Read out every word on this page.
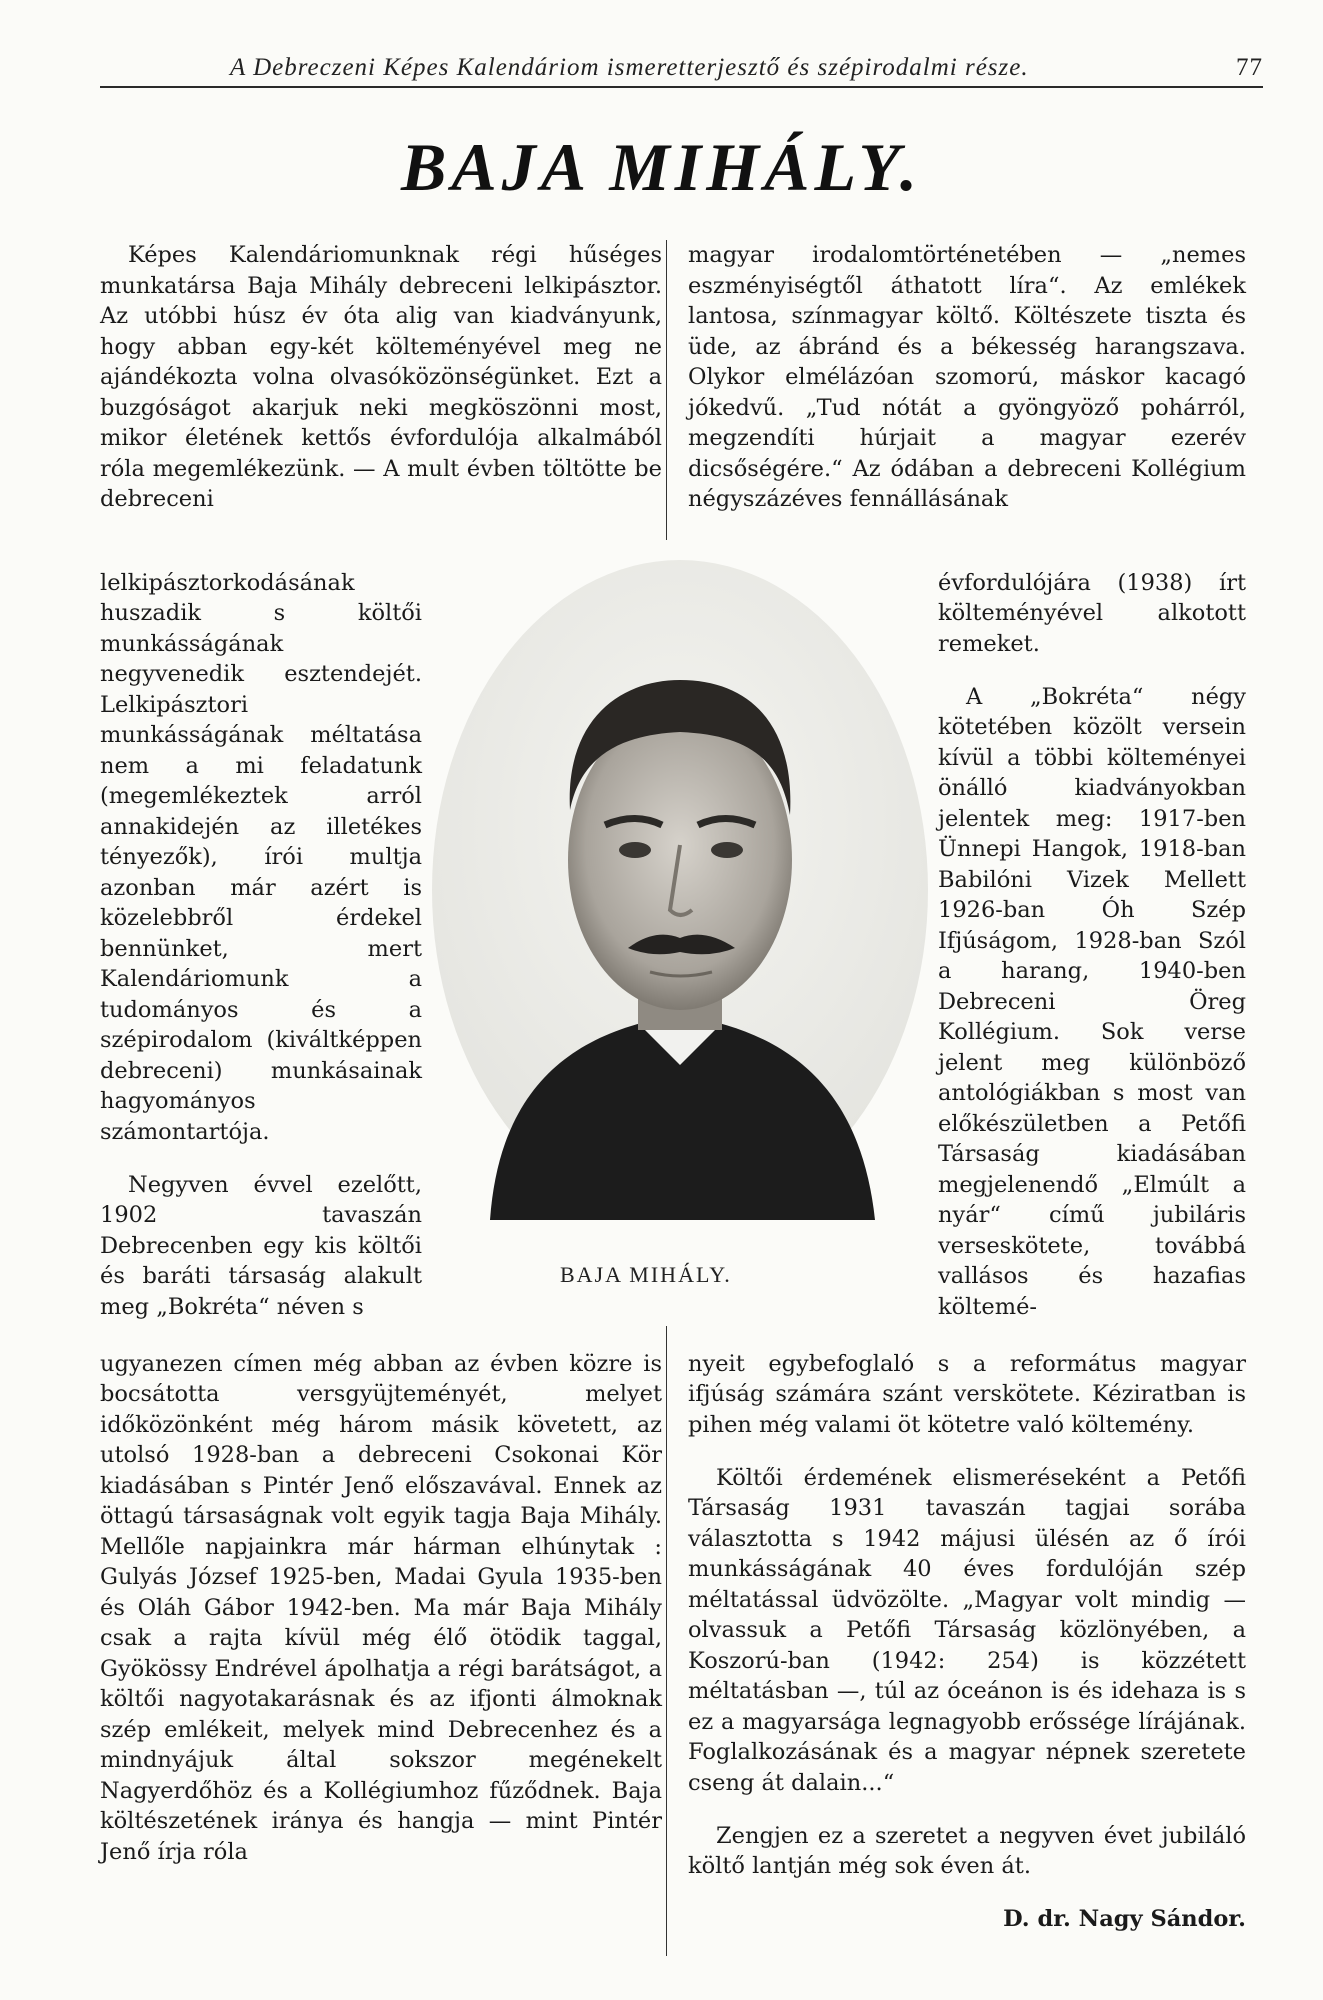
A Debreczeni Képes Kalendáriom ismeretterjesztő és szépirodalmi része.	77
BAJA MIHÁLY.

Képes Kalendáriomunknak régi hűséges munkatársa Baja Mihály debreceni lelkipásztor. Az utóbbi húsz év óta alig van kiadványunk, hogy abban egy-két költeményével meg ne ajándékozta volna olvasóközönségünket. Ezt a buzgóságot akarjuk neki megköszönni most, mikor életének kettős évfordulója alkalmából róla megemlékezünk. — A mult évben töltötte be debreceni

magyar irodalomtörténetében — „nemes eszményiségtől áthatott líra“. Az emlékek lantosa, színmagyar költő. Költészete tiszta és üde, az ábránd és a békesség harangszava. Olykor elmélázóan szomorú, máskor kacagó jókedvű. „Tud nótát a gyöngyöző pohárról, megzendíti húrjait a magyar ezerév dicsőségére.“ Az ódában a debreceni Kollégium négyszázéves fennállásának

lelkipásztorkodásának huszadik s költői munkásságának negyvenedik esztendejét. Lelkipásztori munkásságának méltatása nem a mi feladatunk (megemlékeztek arról annakidején az illetékes tényezők), írói multja azonban már azért is közelebbről érdekel bennünket, mert Kalendáriomunk a tudományos és a szépirodalom (kiváltképpen debreceni) munkásainak hagyományos számontartója.

Negyven évvel ezelőtt, 1902 tavaszán Debrecenben egy kis költői és baráti társaság alakult meg „Bokréta“ néven s

évfordulójára (1938) írt költeményével alkotott remeket.

A „Bokréta“ négy kötetében közölt versein kívül a többi költeményei önálló kiadványokban jelentek meg: 1917-ben Ünnepi Hangok, 1918-ban Babilóni Vizek Mellett 1926-ban Óh Szép Ifjúságom, 1928-ban Szól a harang, 1940-ben Debreceni Öreg Kollégium. Sok verse jelent meg különböző antológiákban s most van előkészületben a Petőfi Társaság kiadásában megjelenendő „Elmúlt a nyár“ című jubiláris verseskötete, továbbá vallásos és hazafias költemé-

BAJA MIHÁLY.

ugyanezen címen még abban az évben közre is bocsátotta versgyüjteményét, melyet időközönként még három másik követett, az utolsó 1928-ban a debreceni Csokonai Kör kiadásában s Pintér Jenő előszavával. Ennek az öttagú társaságnak volt egyik tagja Baja Mihály. Mellőle napjainkra már hárman elhúnytak : Gulyás József 1925-ben, Madai Gyula 1935-ben és Oláh Gábor 1942-ben. Ma már Baja Mihály csak a rajta kívül még élő ötödik taggal, Gyökössy Endrével ápolhatja a régi barátságot, a költői nagyotakarásnak és az ifjonti álmoknak szép emlékeit, melyek mind Debrecenhez és a mindnyájuk által sokszor megénekelt Nagyerdőhöz és a Kollégiumhoz fűződnek. Baja költészetének iránya és hangja — mint Pintér Jenő írja róla

nyeit egybefoglaló s a református magyar ifjúság számára szánt verskötete. Kéziratban is pihen még valami öt kötetre való költemény.

Költői érdemének elismeréseként a Petőfi Társaság 1931 tavaszán tagjai sorába választotta s 1942 májusi ülésén az ő írói munkásságának 40 éves fordulóján szép méltatással üdvözölte. „Magyar volt mindig — olvassuk a Petőfi Társaság közlönyében, a Koszorú-ban (1942: 254) is közzétett méltatásban —, túl az óceánon is és idehaza is s ez a magyarsága legnagyobb erőssége lírájának. Foglalkozásának és a magyar népnek szeretete cseng át dalain...“

Zengjen ez a szeretet a negyven évet jubiláló költő lantján még sok éven át.

D. dr. Nagy Sándor.
